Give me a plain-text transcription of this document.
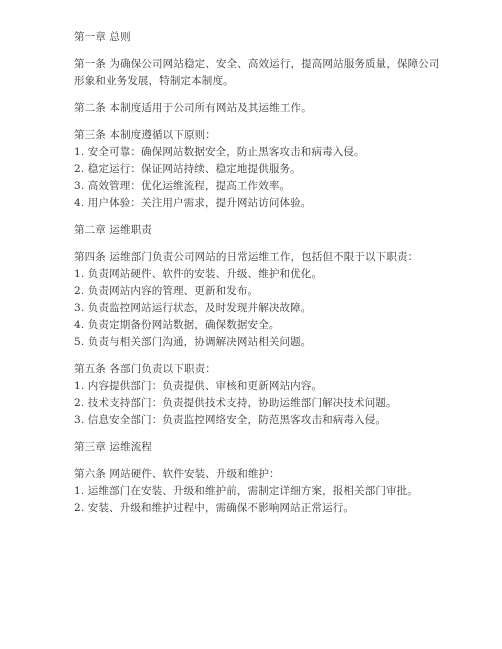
第一章 总则

第一条 为确保公司网站稳定、安全、高效运行，提高网站服务质量，保障公司形象和业务发展，特制定本制度。

第二条 本制度适用于公司所有网站及其运维工作。

第三条 本制度遵循以下原则：

1. 安全可靠：确保网站数据安全，防止黑客攻击和病毒入侵。

2. 稳定运行：保证网站持续、稳定地提供服务。

3. 高效管理：优化运维流程，提高工作效率。

4. 用户体验：关注用户需求，提升网站访问体验。

第二章 运维职责

第四条 运维部门负责公司网站的日常运维工作，包括但不限于以下职责：

1. 负责网站硬件、软件的安装、升级、维护和优化。

2. 负责网站内容的管理、更新和发布。

3. 负责监控网站运行状态，及时发现并解决故障。

4. 负责定期备份网站数据，确保数据安全。

5. 负责与相关部门沟通，协调解决网站相关问题。

第五条 各部门负责以下职责：

1. 内容提供部门：负责提供、审核和更新网站内容。

2. 技术支持部门：负责提供技术支持，协助运维部门解决技术问题。

3. 信息安全部门：负责监控网络安全，防范黑客攻击和病毒入侵。

第三章 运维流程

第六条 网站硬件、软件安装、升级和维护：

1. 运维部门在安装、升级和维护前，需制定详细方案，报相关部门审批。

2. 安装、升级和维护过程中，需确保不影响网站正常运行。
